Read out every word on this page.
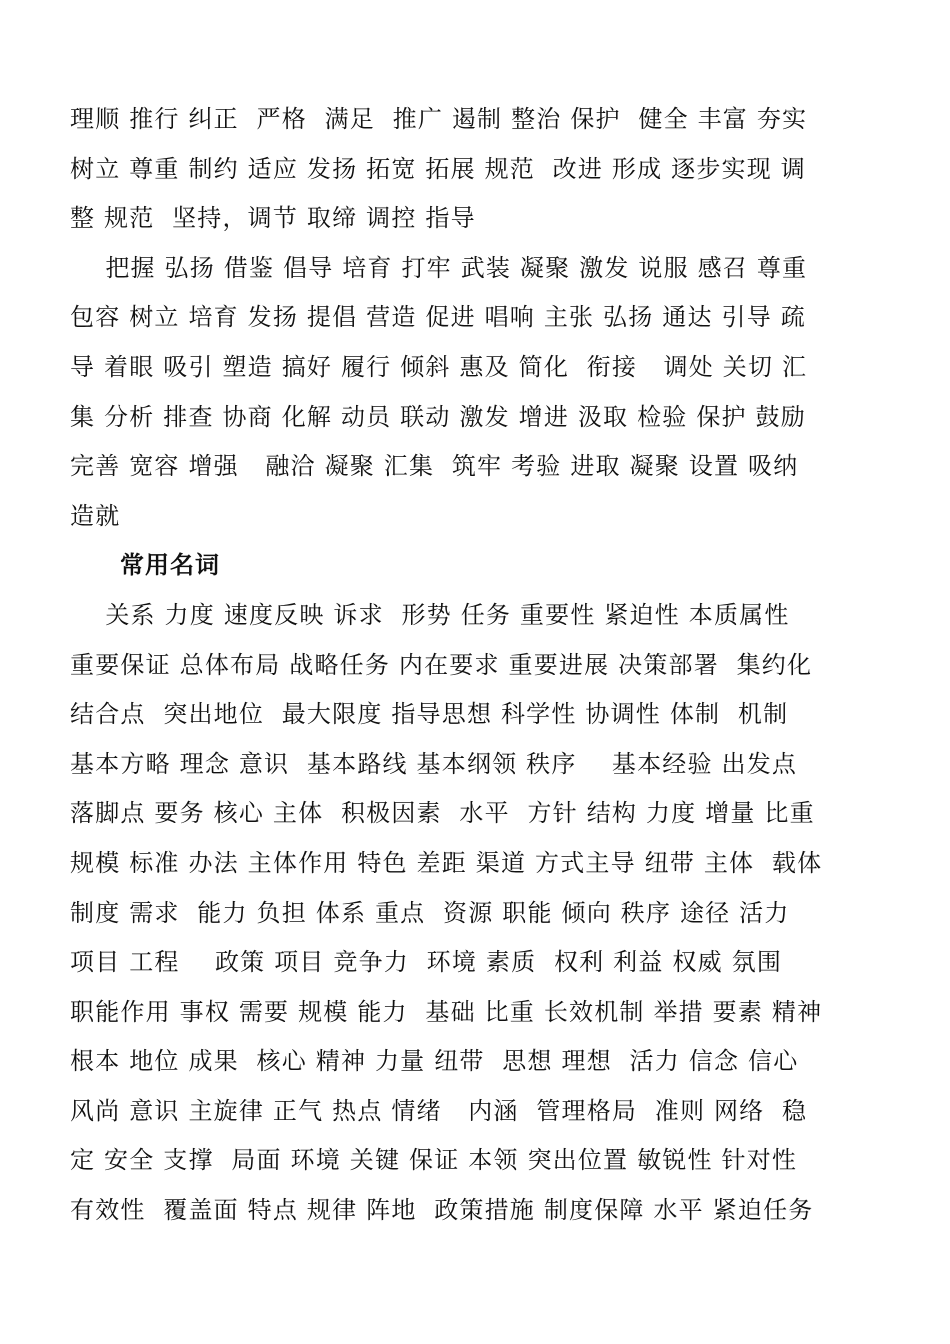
理顺 推行 纠正  严格  满足  推广 遏制 整治 保护  健全 丰富 夯实
树立 尊重 制约 适应 发扬 拓宽 拓展 规范  改进 形成 逐步实现 调
整 规范  坚持，调节 取缔 调控 指导
把握 弘扬 借鉴 倡导 培育 打牢 武装 凝聚 激发 说服 感召 尊重
包容 树立 培育 发扬 提倡 营造 促进 唱响 主张 弘扬 通达 引导 疏
导 着眼 吸引 塑造 搞好 履行 倾斜 惠及 简化  衔接   调处 关切 汇
集 分析 排查 协商 化解 动员 联动 激发 增进 汲取 检验 保护 鼓励
完善 宽容 增强   融洽 凝聚 汇集  筑牢 考验 进取 凝聚 设置 吸纳
造就
常用名词
关系 力度 速度反映 诉求  形势 任务 重要性 紧迫性 本质属性
重要保证 总体布局 战略任务 内在要求 重要进展 决策部署  集约化
结合点  突出地位  最大限度 指导思想 科学性 协调性 体制  机制
基本方略 理念 意识  基本路线 基本纲领 秩序    基本经验 出发点
落脚点 要务 核心 主体  积极因素  水平  方针 结构 力度 增量 比重
规模 标准 办法 主体作用 特色 差距 渠道 方式主导 纽带 主体  载体
制度 需求  能力 负担 体系 重点  资源 职能 倾向 秩序 途径 活力
项目 工程    政策 项目 竞争力  环境 素质  权利 利益 权威 氛围
职能作用 事权 需要 规模 能力  基础 比重 长效机制 举措 要素 精神
根本 地位 成果  核心 精神 力量 纽带  思想 理想  活力 信念 信心
风尚 意识 主旋律 正气 热点 情绪   内涵  管理格局  准则 网络  稳
定 安全 支撑  局面 环境 关键 保证 本领 突出位置 敏锐性 针对性
有效性  覆盖面 特点 规律 阵地  政策措施 制度保障 水平 紧迫任务
